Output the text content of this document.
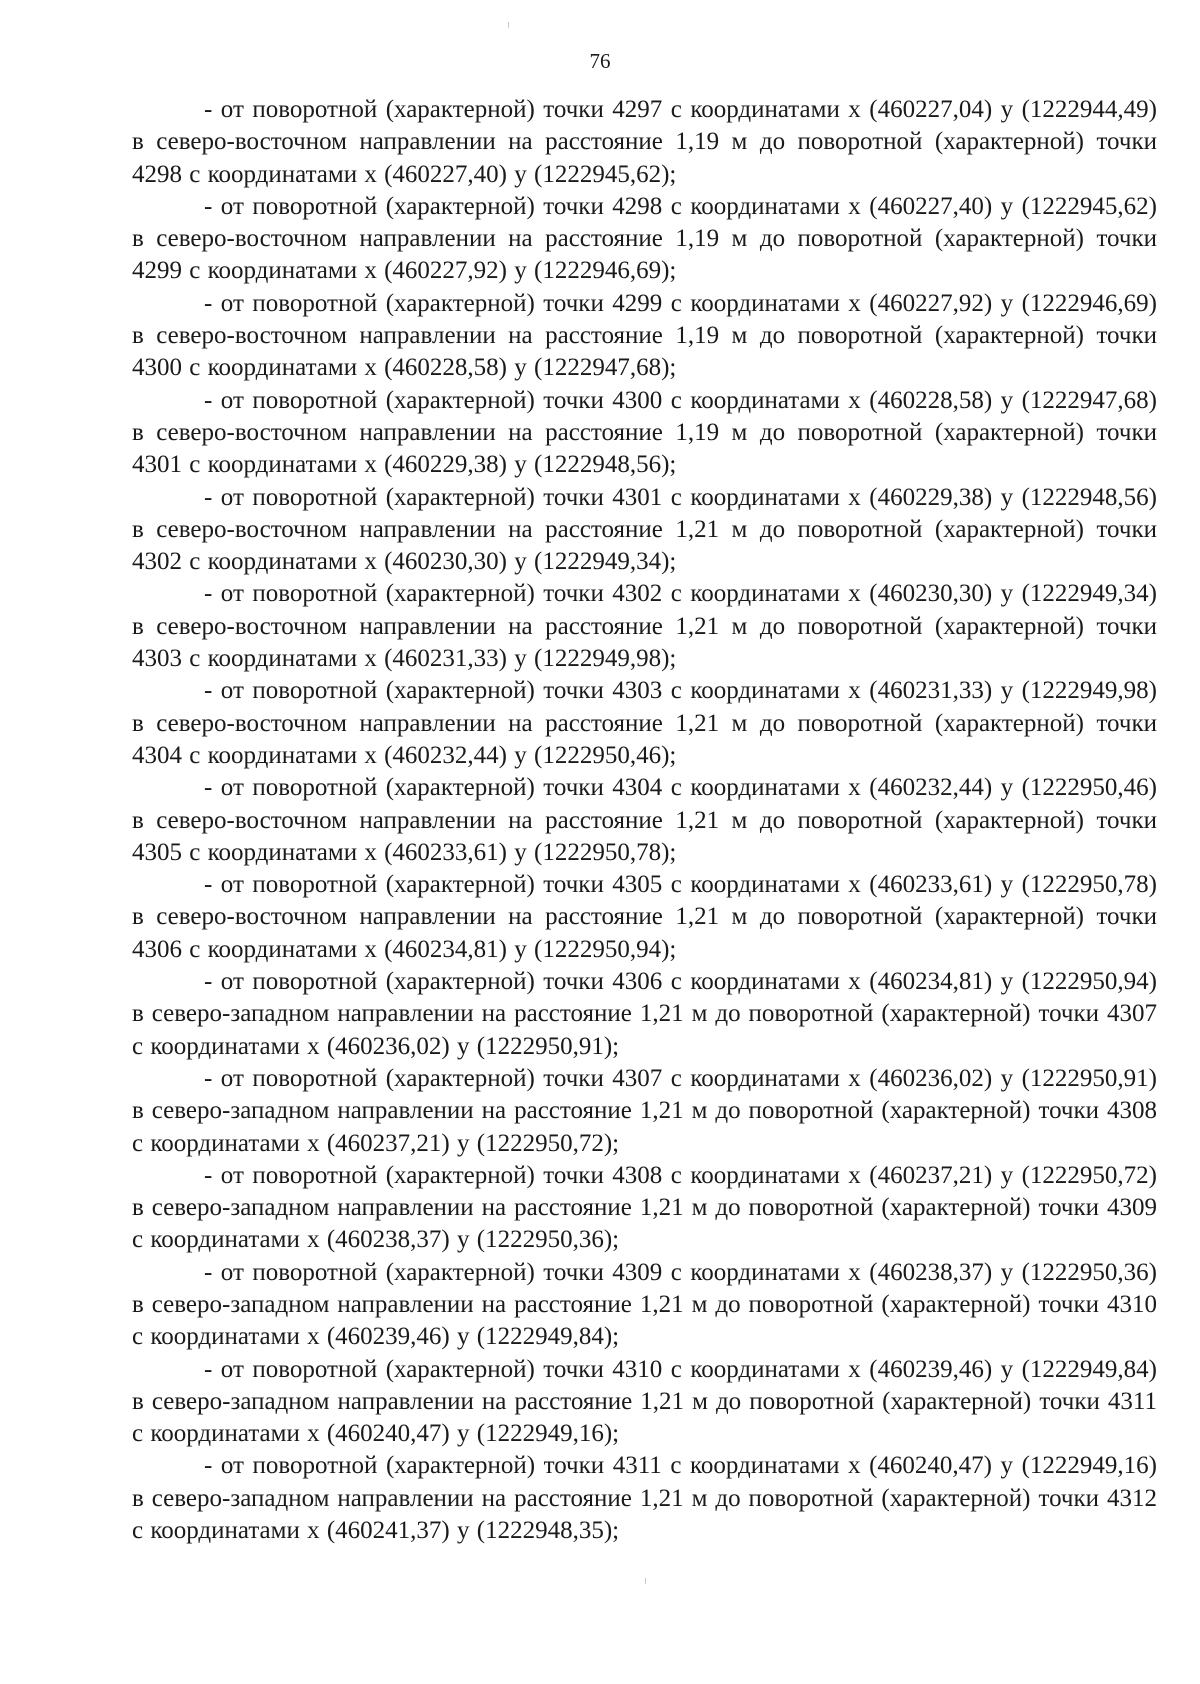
76

- от поворотной (характерной) точки 4297 с координатами х (460227,04) у (1222944,49) в северо-восточном направлении на расстояние 1,19 м до поворотной (характерной) точки 4298 с координатами х (460227,40) у (1222945,62);

- от поворотной (характерной) точки 4298 с координатами х (460227,40) у (1222945,62) в северо-восточном направлении на расстояние 1,19 м до поворотной (характерной) точки 4299 с координатами х (460227,92) у (1222946,69);

- от поворотной (характерной) точки 4299 с координатами х (460227,92) у (1222946,69) в северо-восточном направлении на расстояние 1,19 м до поворотной (характерной) точки 4300 с координатами х (460228,58) у (1222947,68);

- от поворотной (характерной) точки 4300 с координатами х (460228,58) у (1222947,68) в северо-восточном направлении на расстояние 1,19 м до поворотной (характерной) точки 4301 с координатами х (460229,38) у (1222948,56);

- от поворотной (характерной) точки 4301 с координатами х (460229,38) у (1222948,56) в северо-восточном направлении на расстояние 1,21 м до поворотной (характерной) точки 4302 с координатами х (460230,30) у (1222949,34);

- от поворотной (характерной) точки 4302 с координатами х (460230,30) у (1222949,34) в северо-восточном направлении на расстояние 1,21 м до поворотной (характерной) точки 4303 с координатами х (460231,33) у (1222949,98);

- от поворотной (характерной) точки 4303 с координатами х (460231,33) у (1222949,98) в северо-восточном направлении на расстояние 1,21 м до поворотной (характерной) точки 4304 с координатами х (460232,44) у (1222950,46);

- от поворотной (характерной) точки 4304 с координатами х (460232,44) у (1222950,46) в северо-восточном направлении на расстояние 1,21 м до поворотной (характерной) точки 4305 с координатами х (460233,61) у (1222950,78);

- от поворотной (характерной) точки 4305 с координатами х (460233,61) у (1222950,78) в северо-восточном направлении на расстояние 1,21 м до поворотной (характерной) точки 4306 с координатами х (460234,81) у (1222950,94);

- от поворотной (характерной) точки 4306 с координатами х (460234,81) у (1222950,94) в северо-западном направлении на расстояние 1,21 м до поворотной (характерной) точки 4307 с координатами х (460236,02) у (1222950,91);

- от поворотной (характерной) точки 4307 с координатами х (460236,02) у (1222950,91) в северо-западном направлении на расстояние 1,21 м до поворотной (характерной) точки 4308 с координатами х (460237,21) у (1222950,72);

- от поворотной (характерной) точки 4308 с координатами х (460237,21) у (1222950,72) в северо-западном направлении на расстояние 1,21 м до поворотной (характерной) точки 4309 с координатами х (460238,37) у (1222950,36);

- от поворотной (характерной) точки 4309 с координатами х (460238,37) у (1222950,36) в северо-западном направлении на расстояние 1,21 м до поворотной (характерной) точки 4310 с координатами х (460239,46) у (1222949,84);

- от поворотной (характерной) точки 4310 с координатами х (460239,46) у (1222949,84) в северо-западном направлении на расстояние 1,21 м до поворотной (характерной) точки 4311 с координатами х (460240,47) у (1222949,16);

- от поворотной (характерной) точки 4311 с координатами х (460240,47) у (1222949,16) в северо-западном направлении на расстояние 1,21 м до поворотной (характерной) точки 4312 с координатами х (460241,37) у (1222948,35);
